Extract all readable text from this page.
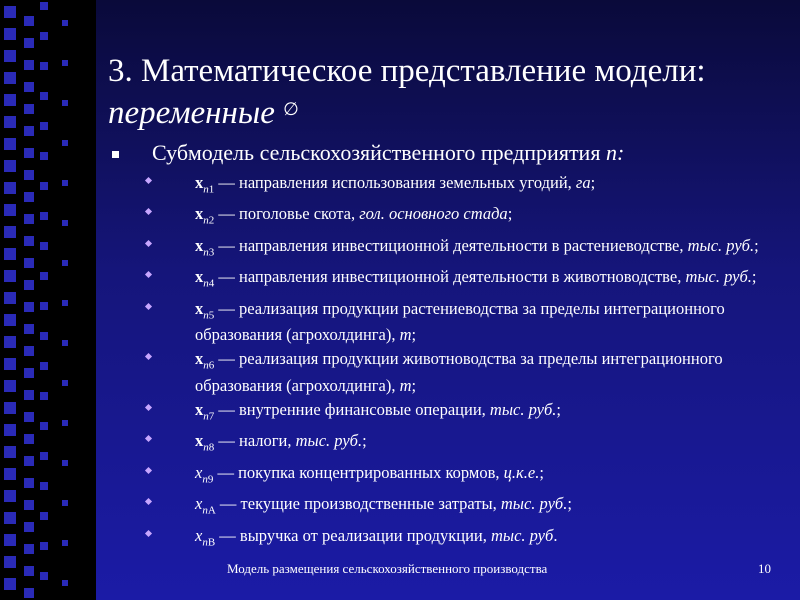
3. Математическое представление модели:
переменные ∅
Субмодель сельскохозяйственного предприятия n:
$x_{n1}$ — направления использования земельных угодий, га;
$x_{n2}$ — поголовье скота, гол. основного стада;
$x_{n3}$ — направления инвестиционной деятельности в растениеводстве, тыс. руб.;
$x_{n4}$ — направления инвестиционной деятельности в животноводстве, тыс. руб.;
$x_{n5}$ — реализация продукции растениеводства за пределы интеграционного образования (агрохолдинга), т;
$x_{n6}$ — реализация продукции животноводства за пределы интеграционного образования (агрохолдинга), т;
$x_{n7}$ — внутренние финансовые операции, тыс. руб.;
$x_{n8}$ — налоги, тыс. руб.;
$x_{n9}$ — покупка концентрированных кормов, ц.к.е.;
$x_{nA}$ — текущие производственные затраты, тыс. руб.;
$x_{nB}$ — выручка от реализации продукции, тыс. руб.
Модель размещения сельскохозяйственного производства	10
